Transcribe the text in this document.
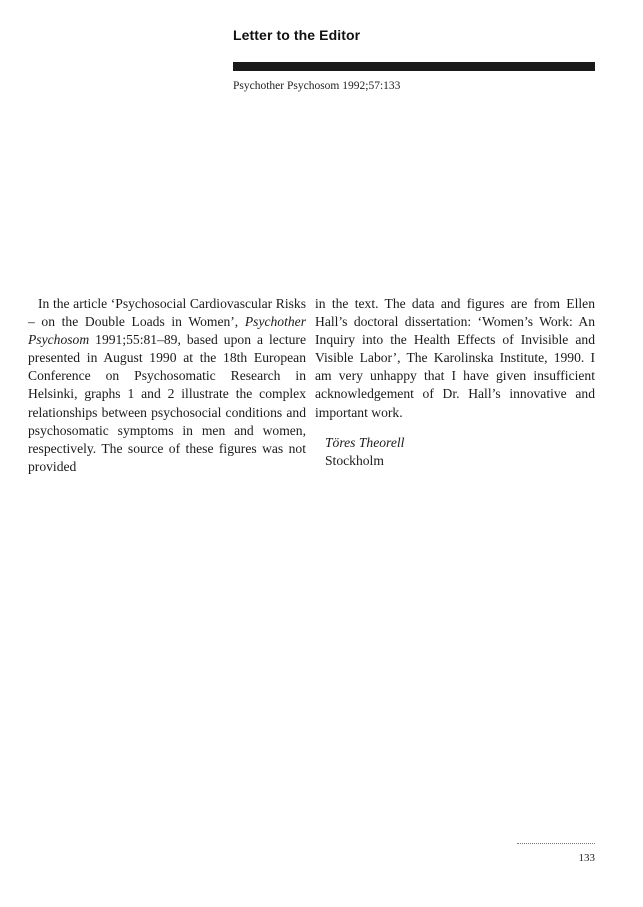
Letter to the Editor
Psychother Psychosom 1992;57:133

In the article ‘Psychosocial Cardiovascular Risks – on the Double Loads in Women’, Psychother Psychosom 1991;55:81–89, based upon a lecture presented in August 1990 at the 18th European Conference on Psychosomatic Research in Helsinki, graphs 1 and 2 illustrate the complex relationships between psychosocial conditions and psychosomatic symptoms in men and women, respectively. The source of these figures was not provided

in the text. The data and figures are from Ellen Hall’s doctoral dissertation: ‘Women’s Work: An Inquiry into the Health Effects of Invisible and Visible Labor’, The Karolinska Institute, 1990. I am very unhappy that I have given insufficient acknowledgement of Dr. Hall’s innovative and important work.

Töres Theorell
Stockholm
133
